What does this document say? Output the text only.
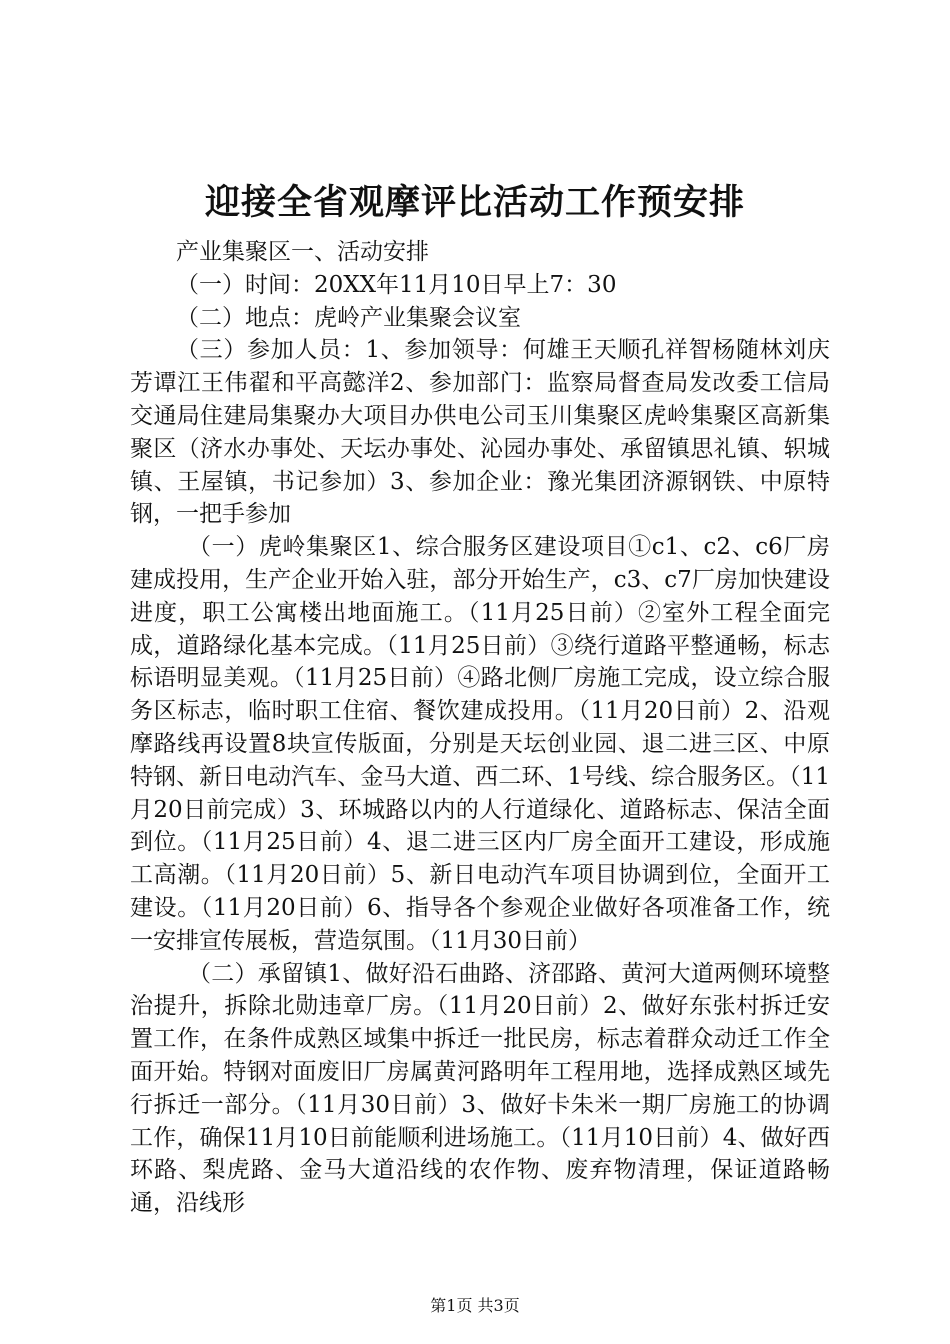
迎接全省观摩评比活动工作预安排

产业集聚区一、活动安排

（一）时间：20XX年11月10日早上7：30

（二）地点：虎岭产业集聚会议室

（三）参加人员：1、参加领导：何雄王天顺孔祥智杨随林刘庆芳谭江王伟翟和平高懿洋2、参加部门：监察局督查局发改委工信局交通局住建局集聚办大项目办供电公司玉川集聚区虎岭集聚区高新集聚区（济水办事处、天坛办事处、沁园办事处、承留镇思礼镇、轵城镇、王屋镇，书记参加）3、参加企业：豫光集团济源钢铁、中原特钢，一把手参加

（一）虎岭集聚区1、综合服务区建设项目①c1、c2、c6厂房建成投用，生产企业开始入驻，部分开始生产，c3、c7厂房加快建设进度，职工公寓楼出地面施工。（11月25日前）②室外工程全面完成，道路绿化基本完成。（11月25日前）③绕行道路平整通畅，标志标语明显美观。（11月25日前）④路北侧厂房施工完成，设立综合服务区标志，临时职工住宿、餐饮建成投用。（11月20日前）2、沿观摩路线再设置8块宣传版面，分别是天坛创业园、退二进三区、中原特钢、新日电动汽车、金马大道、西二环、1号线、综合服务区。（11月20日前完成）3、环城路以内的人行道绿化、道路标志、保洁全面到位。（11月25日前）4、退二进三区内厂房全面开工建设，形成施工高潮。（11月20日前）5、新日电动汽车项目协调到位，全面开工建设。（11月20日前）6、指导各个参观企业做好各项准备工作，统一安排宣传展板，营造氛围。（11月30日前）

（二）承留镇1、做好沿石曲路、济邵路、黄河大道两侧环境整治提升，拆除北勋违章厂房。（11月20日前）2、做好东张村拆迁安置工作，在条件成熟区域集中拆迁一批民房，标志着群众动迁工作全面开始。特钢对面废旧厂房属黄河路明年工程用地，选择成熟区域先行拆迁一部分。（11月30日前）3、做好卡朱米一期厂房施工的协调工作，确保11月10日前能顺利进场施工。（11月10日前）4、做好西环路、梨虎路、金马大道沿线的农作物、废弃物清理，保证道路畅通，沿线形

第1页 共3页
